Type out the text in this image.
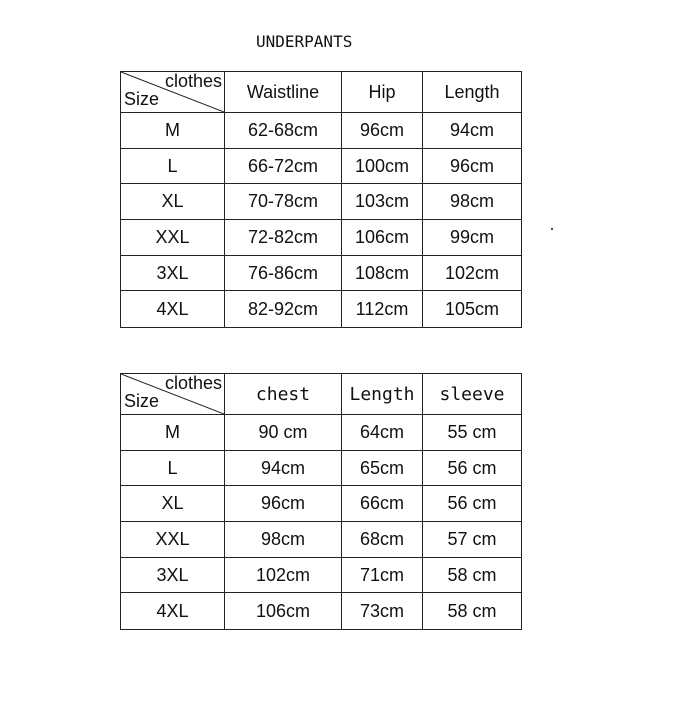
UNDERPANTS
clothes
Size	Waistline	Hip	Length
M	62-68cm	96cm	94cm
L	66-72cm	100cm	96cm
XL	70-78cm	103cm	98cm
XXL	72-82cm	106cm	99cm
3XL	76-86cm	108cm	102cm
4XL	82-92cm	112cm	105cm
clothes
Size	chest	Length	sleeve
M	90 cm	64cm	55 cm
L	94cm	65cm	56 cm
XL	96cm	66cm	56 cm
XXL	98cm	68cm	57 cm
3XL	102cm	71cm	58 cm
4XL	106cm	73cm	58 cm
